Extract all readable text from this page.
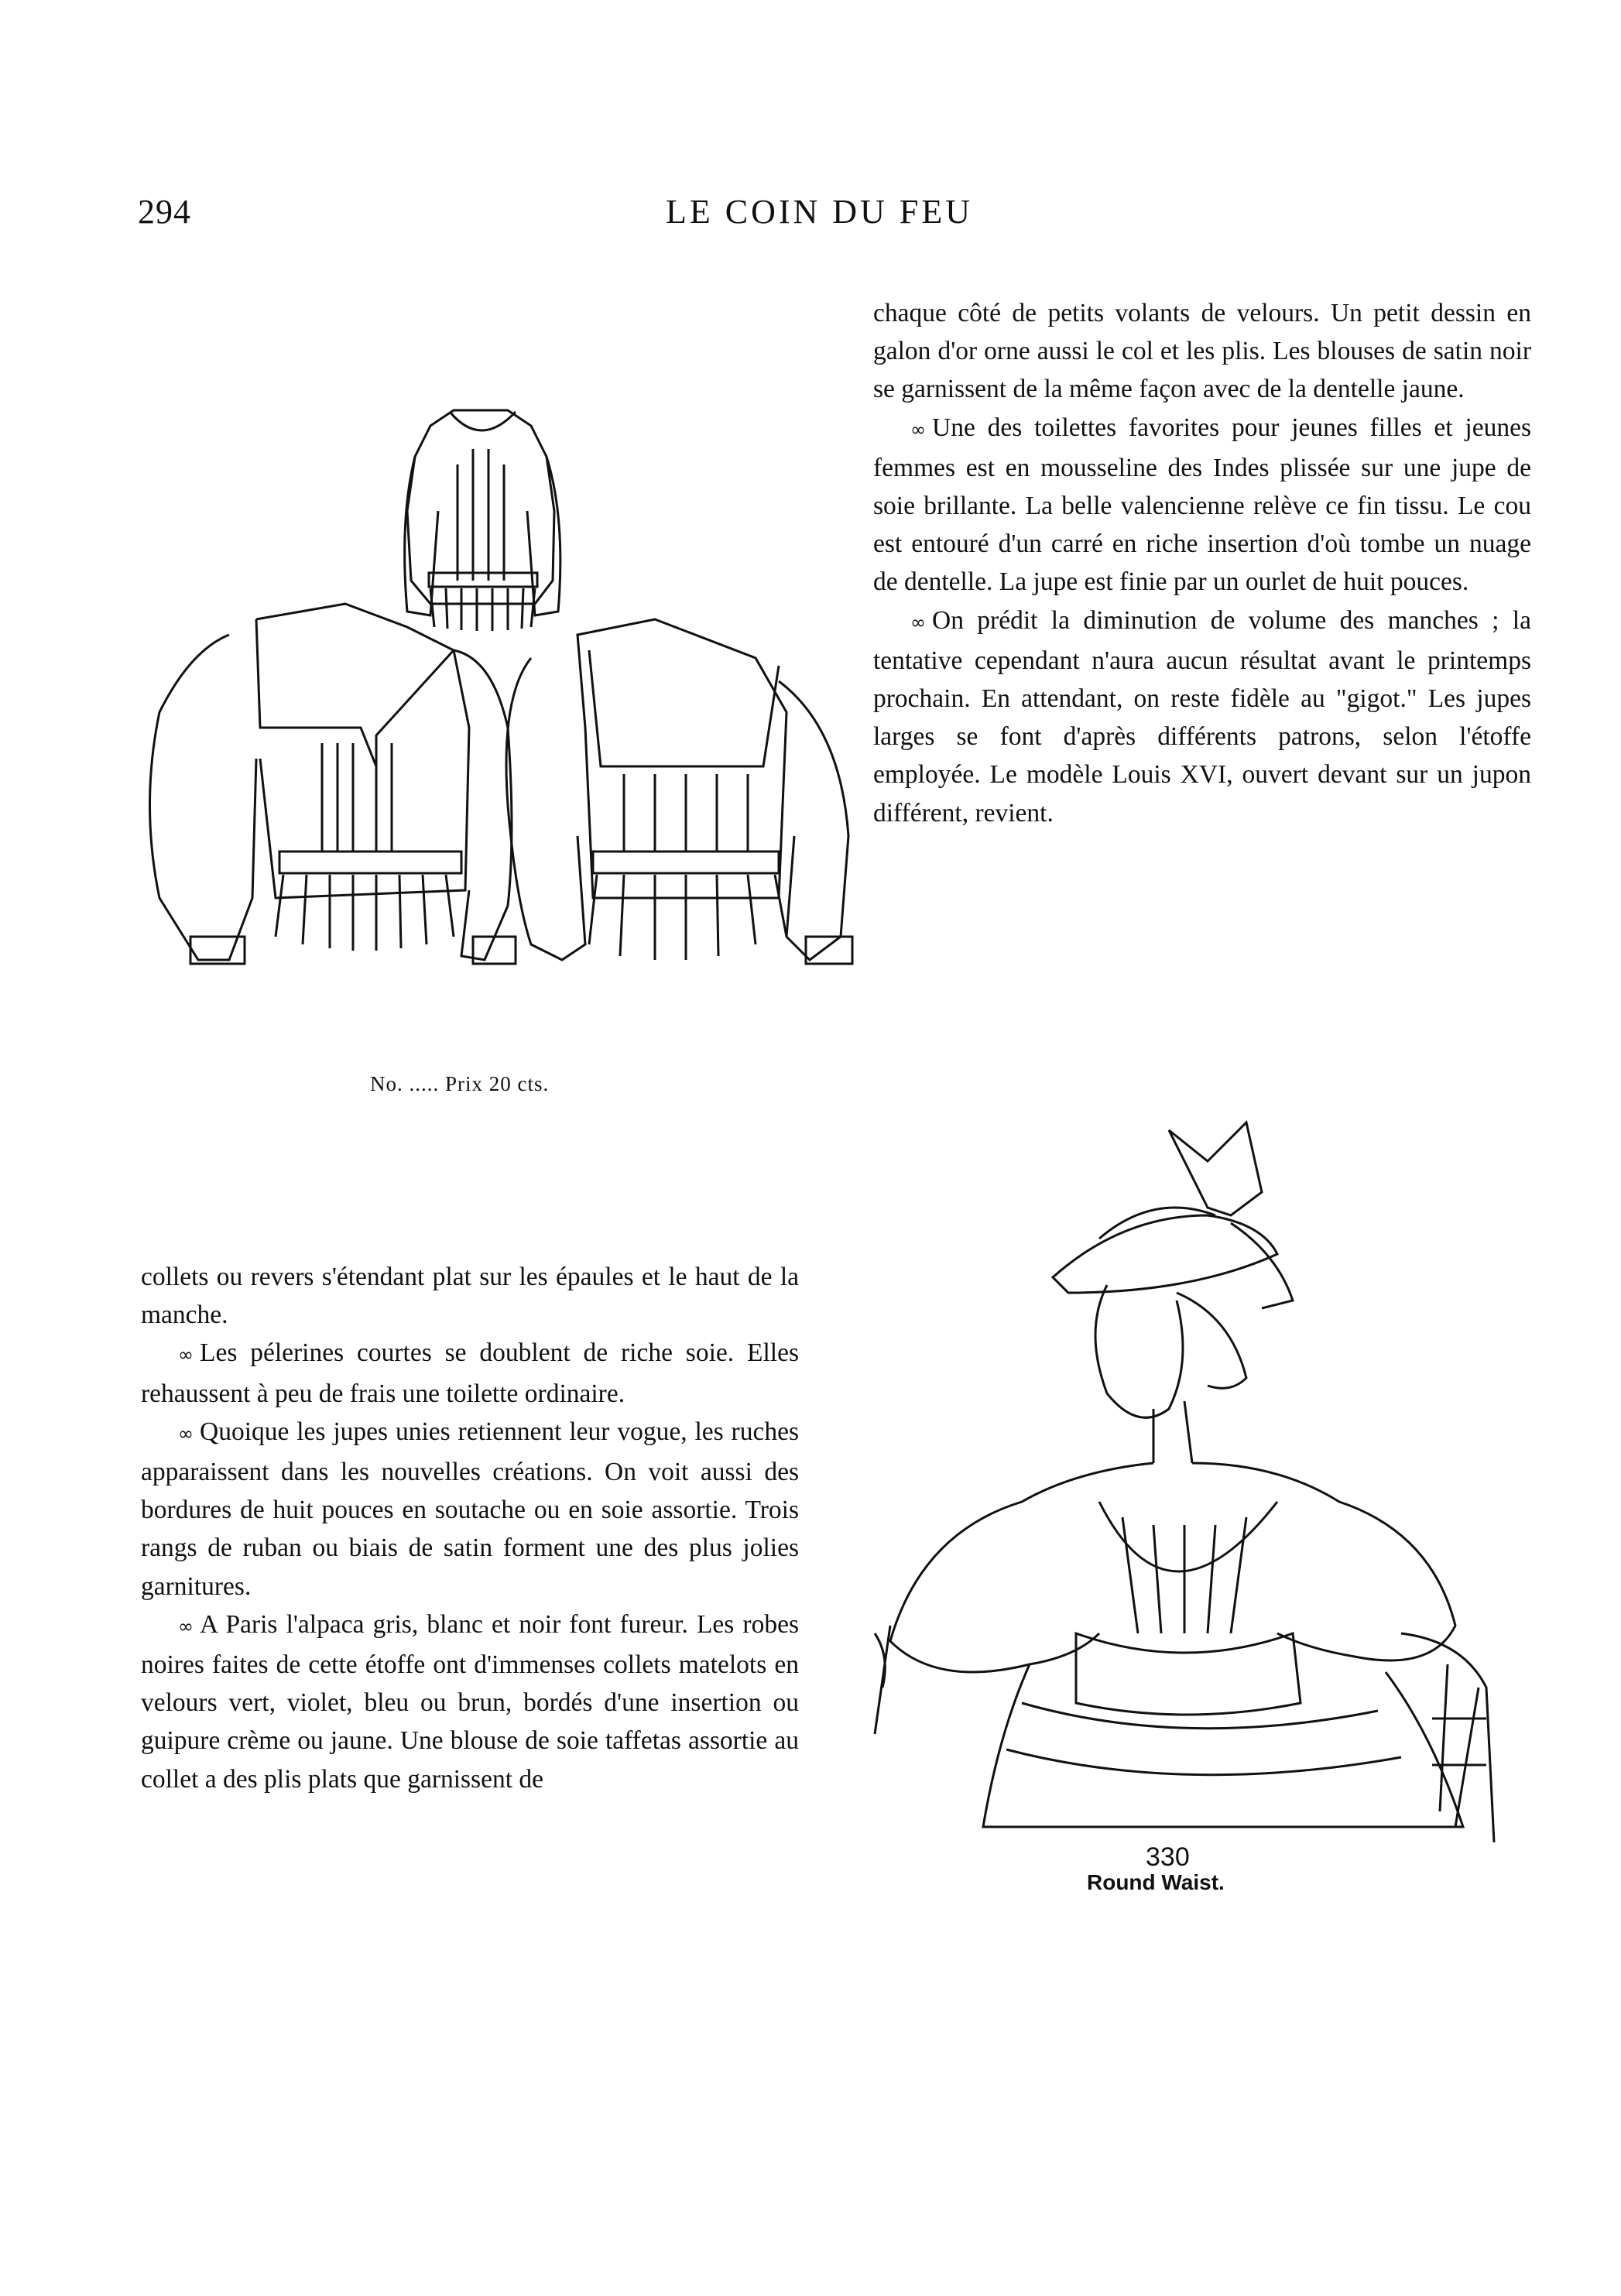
294	LE COIN DU FEU
No. ..... Prix 20 cts.

chaque côté de petits volants de velours. Un petit dessin en galon d'or orne aussi le col et les plis. Les blouses de satin noir se garnissent de la même façon avec de la dentelle jaune.

∞ Une des toilettes favorites pour jeunes filles et jeunes femmes est en mousseline des Indes plissée sur une jupe de soie brillante. La belle valencienne relève ce fin tissu. Le cou est entouré d'un carré en riche insertion d'où tombe un nuage de dentelle. La jupe est finie par un ourlet de huit pouces.

∞ On prédit la diminution de volume des manches ; la tentative cependant n'aura aucun résultat avant le printemps prochain. En attendant, on reste fidèle au "gigot." Les jupes larges se font d'après différents patrons, selon l'étoffe employée. Le modèle Louis XVI, ouvert devant sur un jupon différent, revient.

collets ou revers s'étendant plat sur les épaules et le haut de la manche.

∞ Les pélerines courtes se doublent de riche soie. Elles rehaussent à peu de frais une toilette ordinaire.

∞ Quoique les jupes unies retiennent leur vogue, les ruches apparaissent dans les nouvelles créations. On voit aussi des bordures de huit pouces en soutache ou en soie assortie. Trois rangs de ruban ou biais de satin forment une des plus jolies garnitures.

∞ A Paris l'alpaca gris, blanc et noir font fureur. Les robes noires faites de cette étoffe ont d'immenses collets matelots en velours vert, violet, bleu ou brun, bordés d'une insertion ou guipure crème ou jaune. Une blouse de soie taffetas assortie au collet a des plis plats que garnissent de

330
Round Waist.
